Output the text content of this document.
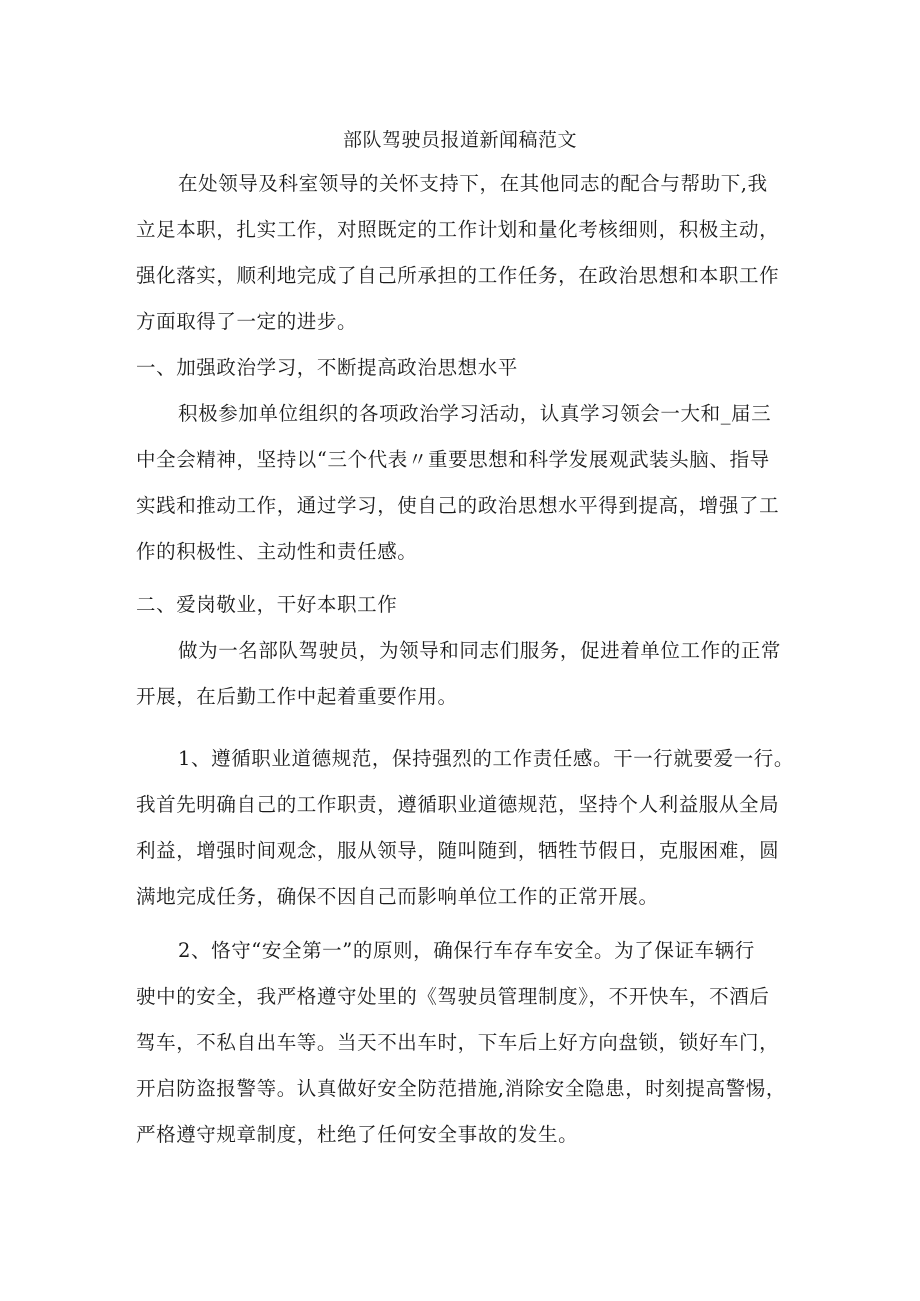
部队驾驶员报道新闻稿范文
在处领导及科室领导的关怀支持下，在其他同志的配合与帮助下,我
立足本职，扎实工作，对照既定的工作计划和量化考核细则，积极主动，
强化落实，顺利地完成了自己所承担的工作任务，在政治思想和本职工作
方面取得了一定的进步。
一、加强政治学习，不断提高政治思想水平
积极参加单位组织的各项政治学习活动，认真学习领会一大和_届三
中全会精神，坚持以“三个代表〃重要思想和科学发展观武装头脑、指导
实践和推动工作，通过学习，使自己的政治思想水平得到提高，增强了工
作的积极性、主动性和责任感。
二、爱岗敬业，干好本职工作
做为一名部队驾驶员，为领导和同志们服务，促进着单位工作的正常
开展，在后勤工作中起着重要作用。
1、遵循职业道德规范，保持强烈的工作责任感。干一行就要爱一行。
我首先明确自己的工作职责，遵循职业道德规范，坚持个人利益服从全局
利益，增强时间观念，服从领导，随叫随到，牺牲节假日，克服困难，圆
满地完成任务，确保不因自己而影响单位工作的正常开展。
2、恪守“安全第一”的原则，确保行车存车安全。为了保证车辆行
驶中的安全，我严格遵守处里的《驾驶员管理制度》，不开快车，不酒后
驾车，不私自出车等。当天不出车时，下车后上好方向盘锁，锁好车门，
开启防盗报警等。认真做好安全防范措施,消除安全隐患，时刻提高警惕，
严格遵守规章制度，杜绝了任何安全事故的发生。
